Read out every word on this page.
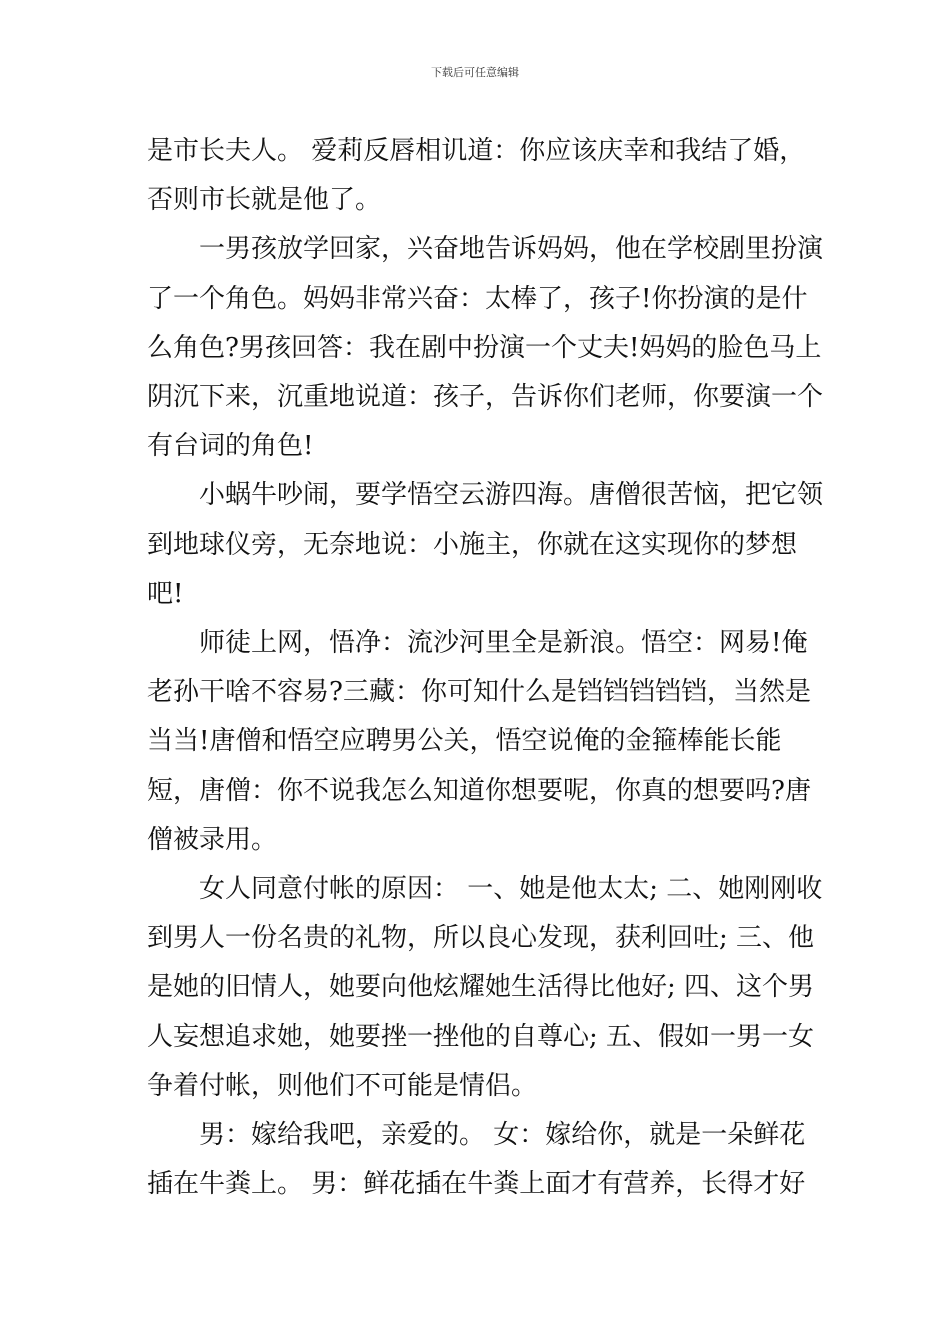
下载后可任意编辑

是市长夫人。 爱莉反唇相讥道：你应该庆幸和我结了婚，否则市长就是他了。

一男孩放学回家，兴奋地告诉妈妈，他在学校剧里扮演了一个角色。妈妈非常兴奋：太棒了，孩子!你扮演的是什么角色?男孩回答：我在剧中扮演一个丈夫!妈妈的脸色马上阴沉下来，沉重地说道：孩子，告诉你们老师，你要演一个有台词的角色!

小蜗牛吵闹，要学悟空云游四海。唐僧很苦恼，把它领到地球仪旁，无奈地说：小施主，你就在这实现你的梦想吧!

师徒上网，悟净：流沙河里全是新浪。悟空：网易!俺老孙干啥不容易?三藏：你可知什么是铛铛铛铛铛，当然是当当!唐僧和悟空应聘男公关，悟空说俺的金箍棒能长能短，唐僧：你不说我怎么知道你想要呢，你真的想要吗?唐僧被录用。

女人同意付帐的原因： 一、她是他太太; 二、她刚刚收到男人一份名贵的礼物，所以良心发现，获利回吐; 三、他是她的旧情人，她要向他炫耀她生活得比他好; 四、这个男人妄想追求她，她要挫一挫他的自尊心; 五、假如一男一女争着付帐，则他们不可能是情侣。

男：嫁给我吧，亲爱的。 女：嫁给你，就是一朵鲜花插在牛粪上。 男：鲜花插在牛粪上面才有营养，长得才好
